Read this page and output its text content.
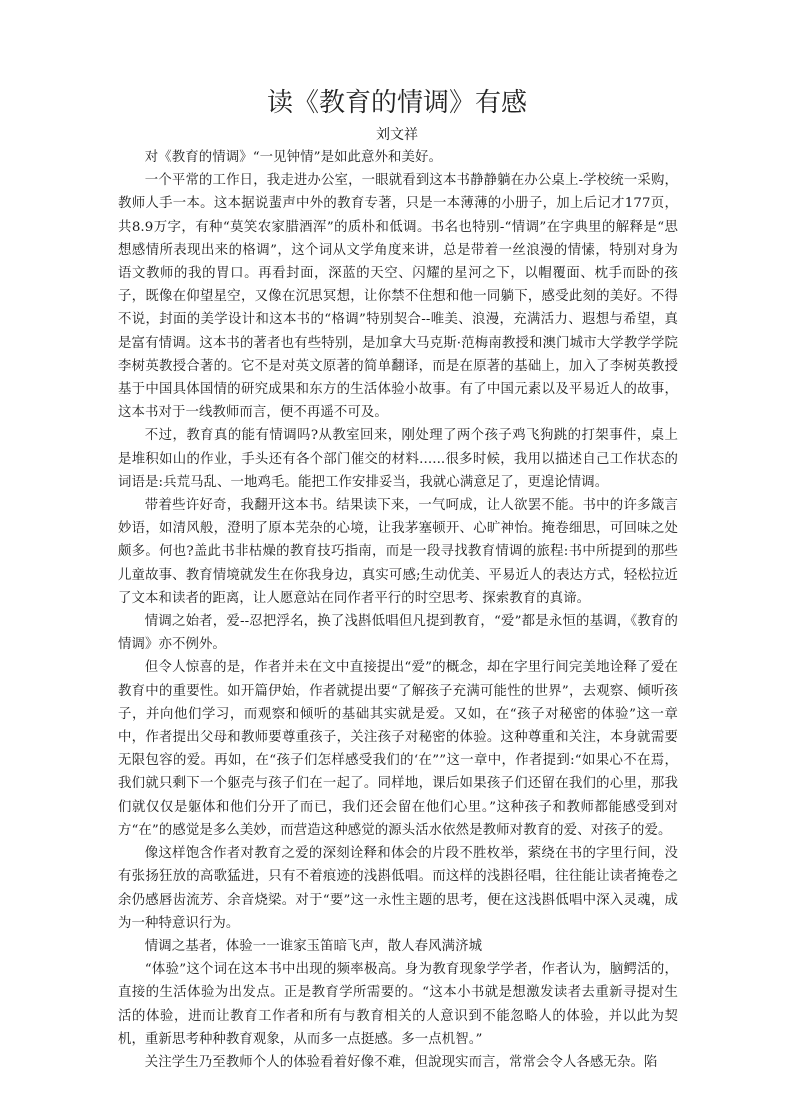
读《教育的情调》有感
刘文祥

对《教育的情调》“一见钟情”是如此意外和美好。

一个平常的工作日，我走进办公室，一眼就看到这本书静静躺在办公桌上-学校统一采购，教师人手一本。这本据说蜚声中外的教育专著，只是一本薄薄的小册子，加上后记才177页，共8.9万字，有种“莫笑农家腊酒浑”的质朴和低调。书名也特别-“情调”在字典里的解释是“思想感情所表现出来的格调”，这个词从文学角度来讲，总是带着一丝浪漫的情愫，特别对身为语文教师的我的胃口。再看封面，深蓝的天空、闪耀的星河之下，以帽覆面、枕手而卧的孩子，既像在仰望星空，又像在沉思冥想，让你禁不住想和他一同躺下，感受此刻的美好。不得不说，封面的美学设计和这本书的“格调”特别契合--唯美、浪漫，充满活力、遐想与希望，真是富有情调。这本书的著者也有些特别，是加拿大马克斯·范梅南教授和澳门城市大学教学学院李树英教授合著的。它不是对英文原著的简单翻译，而是在原著的基础上，加入了李树英教授基于中国具体国情的研究成果和东方的生活体验小故事。有了中国元素以及平易近人的故事，这本书对于一线教师而言，便不再遥不可及。

不过，教育真的能有情调吗?从教室回来，刚处理了两个孩子鸡飞狗跳的打架事件，桌上是堆积如山的作业，手头还有各个部门催交的材料......很多时候，我用以描述自己工作状态的词语是:兵荒马乱、一地鸡毛。能把工作安排妥当，我就心满意足了，更遑论情调。

带着些许好奇，我翻开这本书。结果读下来，一气呵成，让人欲罢不能。书中的许多箴言妙语，如清风般，澄明了原本芜杂的心境，让我茅塞顿开、心旷神怡。掩卷细思，可回味之处颇多。何也?盖此书非枯燥的教育技巧指南，而是一段寻找教育情调的旅程:书中所提到的那些儿童故事、教育情境就发生在你我身边，真实可感;生动优美、平易近人的表达方式，轻松拉近了文本和读者的距离，让人愿意站在同作者平行的时空思考、探索教育的真谛。

情调之始者，爱--忍把浮名，换了浅斟低唱但凡提到教育，“爱”都是永恒的基调，《教育的情调》亦不例外。

但令人惊喜的是，作者并未在文中直接提出“爱”的概念，却在字里行间完美地诠释了爱在教育中的重要性。如开篇伊始，作者就提出要“了解孩子充满可能性的世界”，去观察、倾听孩子，并向他们学习，而观察和倾听的基础其实就是爱。又如，在“孩子对秘密的体验”这一章中，作者提出父母和教师要尊重孩子，关注孩子对秘密的体验。这种尊重和关注，本身就需要无限包容的爱。再如，在“孩子们怎样感受我们的‘在””这一章中，作者提到:“如果心不在焉，我们就只剩下一个躯壳与孩子们在一起了。同样地，课后如果孩子们还留在我们的心里，那我们就仅仅是躯体和他们分开了而已，我们还会留在他们心里。”这种孩子和教师都能感受到对方“在”的感觉是多么美妙，而营造这种感觉的源头活水依然是教师对教育的爱、对孩子的爱。

像这样饱含作者对教育之爱的深刻诠释和体会的片段不胜枚举，萦绕在书的字里行间，没有张扬狂放的高歌猛进，只有不着痕迹的浅斟低唱。而这样的浅斟径唱，往往能让读者掩卷之余仍感唇齿流芳、余音烧梁。对于“要”这一永性主题的思考，便在这浅斟低唱中深入灵魂，成为一种特意识行为。

情调之基者，体验一一谁家玉笛暗飞声，散人春风满济城

“体验”这个词在这本书中出现的频率极高。身为教育现象学学者，作者认为，脑鳄活的，直接的生活体验为出发点。正是教育学所需要的。“这本小书就是想激发读者去重新寻提对生活的体验，进而让教育工作者和所有与教育相关的人意识到不能忽略人的体验，并以此为契机，重新思考种种教育观象，从而多一点挺感。多一点机智。”

关注学生乃至教师个人的体验看着好像不难，但說现实而言，常常会令人各感无杂。陷
